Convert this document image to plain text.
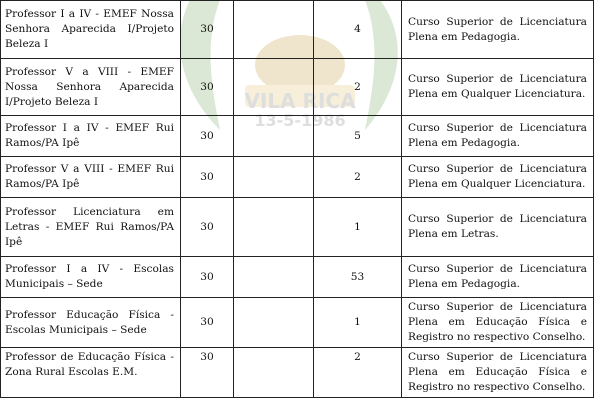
VILA RICA
13-5-1986
Professor I a IV - EMEF Nossa Senhora Aparecida I/Projeto Beleza I	30		4	Curso Superior de Licenciatura Plena em Pedagogia.
Professor V a VIII - EMEF Nossa Senhora Aparecida I/Projeto Beleza I	30		2	Curso Superior de Licenciatura Plena em Qualquer Licenciatura.
Professor I a IV - EMEF Rui Ramos/PA Ipê	30		5	Curso Superior de Licenciatura Plena em Pedagogia.
Professor V a VIII - EMEF Rui Ramos/PA Ipê	30		2	Curso Superior de Licenciatura Plena em Qualquer Licenciatura.
Professor Licenciatura em Letras - EMEF Rui Ramos/PA Ipê	30		1	Curso Superior de Licenciatura Plena em Letras.
Professor I a IV - Escolas Municipais – Sede	30		53	Curso Superior de Licenciatura Plena em Pedagogia.
Professor Educação Física - Escolas Municipais – Sede	30		1	Curso Superior de Licenciatura Plena em Educação Física e Registro no respectivo Conselho.
Professor de Educação Física - Zona Rural Escolas E.M.	30		2	Curso Superior de Licenciatura Plena em Educação Física e Registro no respectivo Conselho.
